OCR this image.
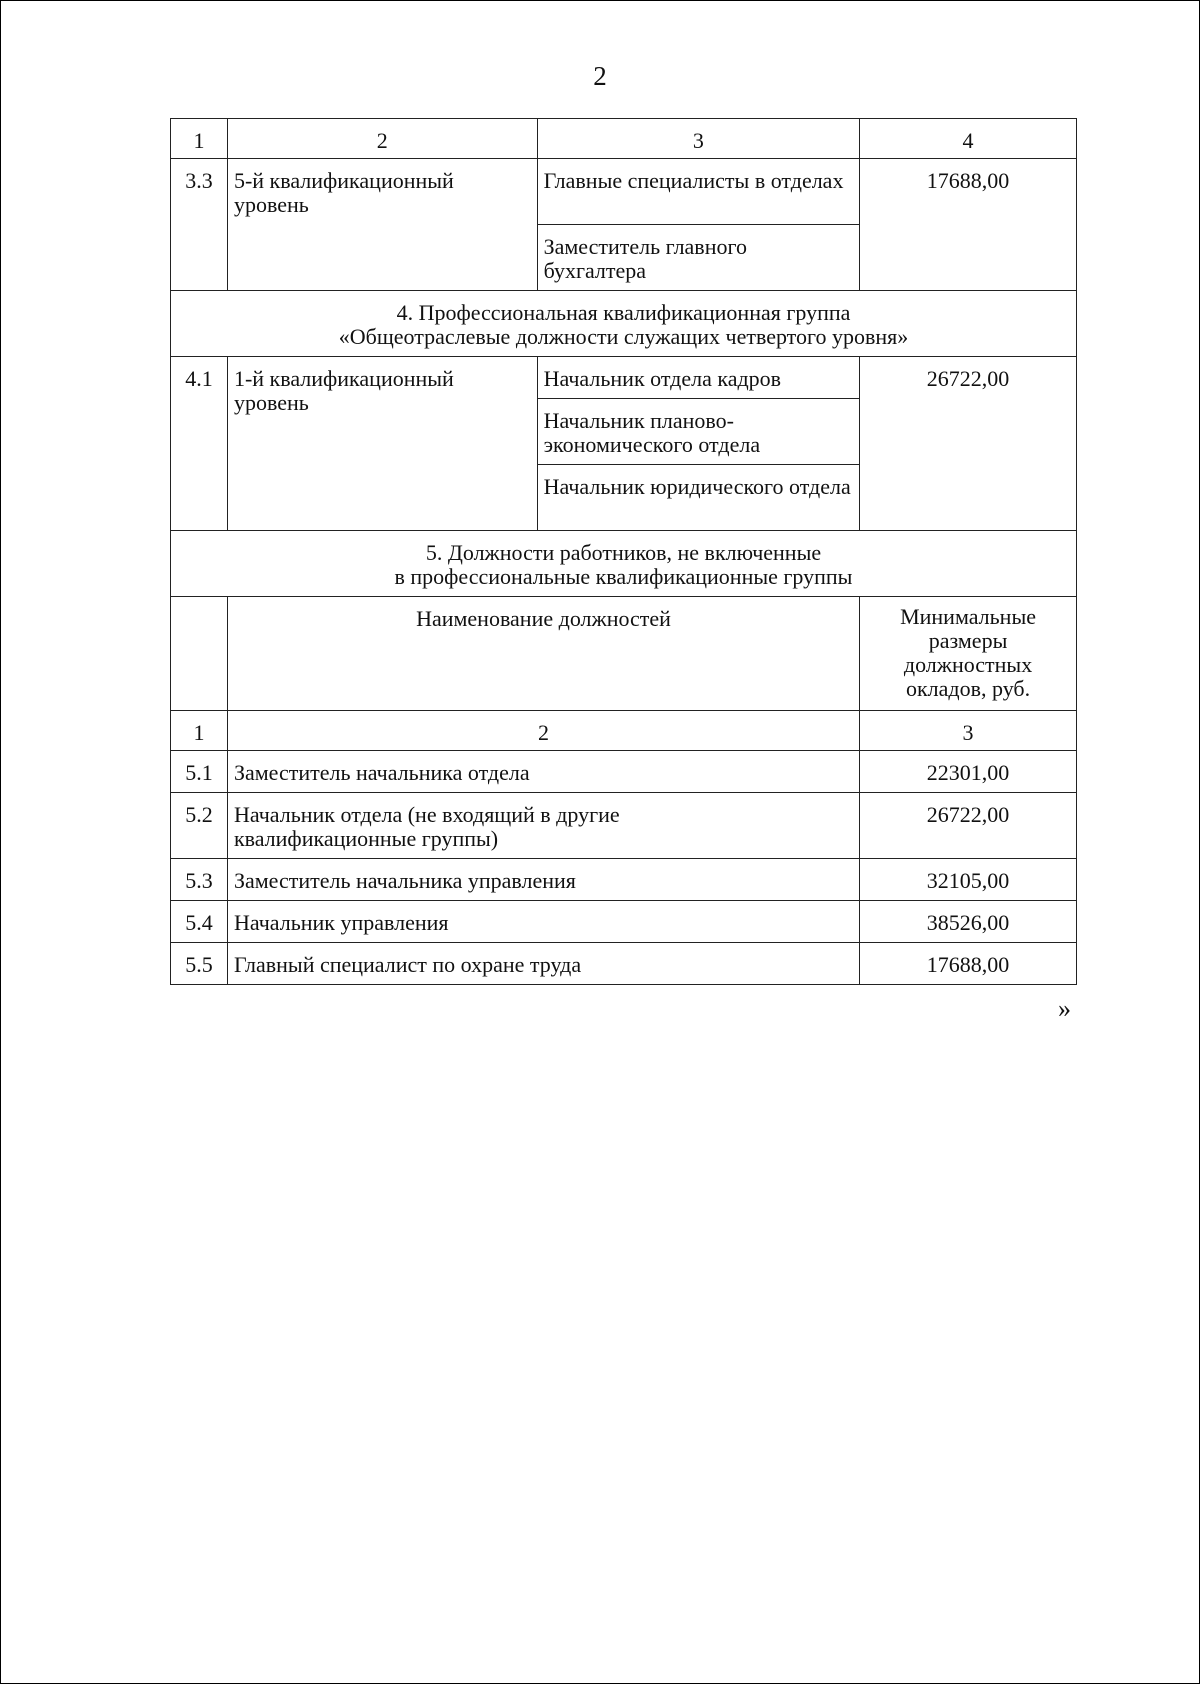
2
1	2	3	4
3.3	5-й квалификационный уровень	Главные специалисты в отделах	17688,00
		Заместитель главного бухгалтера	

4. Профессиональная квалификационная группа
«Общеотраслевые должности служащих четвертого уровня»			

4.1	1-й квалификационный уровень	Начальник отдела кадров	26722,00
		Начальник планово-экономического отдела	
		Начальник юридического отдела	

5. Должности работников, не включенные
в профессиональные квалификационные группы			

	Наименование должностей		Минимальные размеры должностных окладов, руб.
1	2		3
5.1	Заместитель начальника отдела		22301,00
5.2	Начальник отдела (не входящий в другие квалификационные группы)		26722,00
5.3	Заместитель начальника управления		32105,00
5.4	Начальник управления		38526,00
5.5	Главный специалист по охране труда		17688,00
»
